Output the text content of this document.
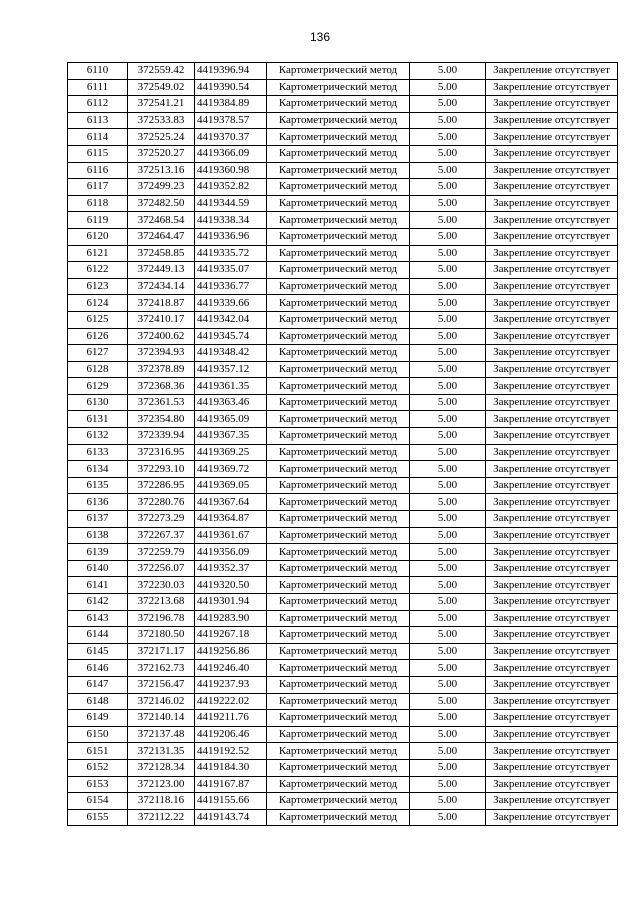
136
6110	372559.42	4419396.94	Картометрический метод	5.00	Закрепление отсутствует
6111	372549.02	4419390.54	Картометрический метод	5.00	Закрепление отсутствует
6112	372541.21	4419384.89	Картометрический метод	5.00	Закрепление отсутствует
6113	372533.83	4419378.57	Картометрический метод	5.00	Закрепление отсутствует
6114	372525.24	4419370.37	Картометрический метод	5.00	Закрепление отсутствует
6115	372520.27	4419366.09	Картометрический метод	5.00	Закрепление отсутствует
6116	372513.16	4419360.98	Картометрический метод	5.00	Закрепление отсутствует
6117	372499.23	4419352.82	Картометрический метод	5.00	Закрепление отсутствует
6118	372482.50	4419344.59	Картометрический метод	5.00	Закрепление отсутствует
6119	372468.54	4419338.34	Картометрический метод	5.00	Закрепление отсутствует
6120	372464.47	4419336.96	Картометрический метод	5.00	Закрепление отсутствует
6121	372458.85	4419335.72	Картометрический метод	5.00	Закрепление отсутствует
6122	372449.13	4419335.07	Картометрический метод	5.00	Закрепление отсутствует
6123	372434.14	4419336.77	Картометрический метод	5.00	Закрепление отсутствует
6124	372418.87	4419339.66	Картометрический метод	5.00	Закрепление отсутствует
6125	372410.17	4419342.04	Картометрический метод	5.00	Закрепление отсутствует
6126	372400.62	4419345.74	Картометрический метод	5.00	Закрепление отсутствует
6127	372394.93	4419348.42	Картометрический метод	5.00	Закрепление отсутствует
6128	372378.89	4419357.12	Картометрический метод	5.00	Закрепление отсутствует
6129	372368.36	4419361.35	Картометрический метод	5.00	Закрепление отсутствует
6130	372361.53	4419363.46	Картометрический метод	5.00	Закрепление отсутствует
6131	372354.80	4419365.09	Картометрический метод	5.00	Закрепление отсутствует
6132	372339.94	4419367.35	Картометрический метод	5.00	Закрепление отсутствует
6133	372316.95	4419369.25	Картометрический метод	5.00	Закрепление отсутствует
6134	372293.10	4419369.72	Картометрический метод	5.00	Закрепление отсутствует
6135	372286.95	4419369.05	Картометрический метод	5.00	Закрепление отсутствует
6136	372280.76	4419367.64	Картометрический метод	5.00	Закрепление отсутствует
6137	372273.29	4419364.87	Картометрический метод	5.00	Закрепление отсутствует
6138	372267.37	4419361.67	Картометрический метод	5.00	Закрепление отсутствует
6139	372259.79	4419356.09	Картометрический метод	5.00	Закрепление отсутствует
6140	372256.07	4419352.37	Картометрический метод	5.00	Закрепление отсутствует
6141	372230.03	4419320.50	Картометрический метод	5.00	Закрепление отсутствует
6142	372213.68	4419301.94	Картометрический метод	5.00	Закрепление отсутствует
6143	372196.78	4419283.90	Картометрический метод	5.00	Закрепление отсутствует
6144	372180.50	4419267.18	Картометрический метод	5.00	Закрепление отсутствует
6145	372171.17	4419256.86	Картометрический метод	5.00	Закрепление отсутствует
6146	372162.73	4419246.40	Картометрический метод	5.00	Закрепление отсутствует
6147	372156.47	4419237.93	Картометрический метод	5.00	Закрепление отсутствует
6148	372146.02	4419222.02	Картометрический метод	5.00	Закрепление отсутствует
6149	372140.14	4419211.76	Картометрический метод	5.00	Закрепление отсутствует
6150	372137.48	4419206.46	Картометрический метод	5.00	Закрепление отсутствует
6151	372131.35	4419192.52	Картометрический метод	5.00	Закрепление отсутствует
6152	372128.34	4419184.30	Картометрический метод	5.00	Закрепление отсутствует
6153	372123.00	4419167.87	Картометрический метод	5.00	Закрепление отсутствует
6154	372118.16	4419155.66	Картометрический метод	5.00	Закрепление отсутствует
6155	372112.22	4419143.74	Картометрический метод	5.00	Закрепление отсутствует
